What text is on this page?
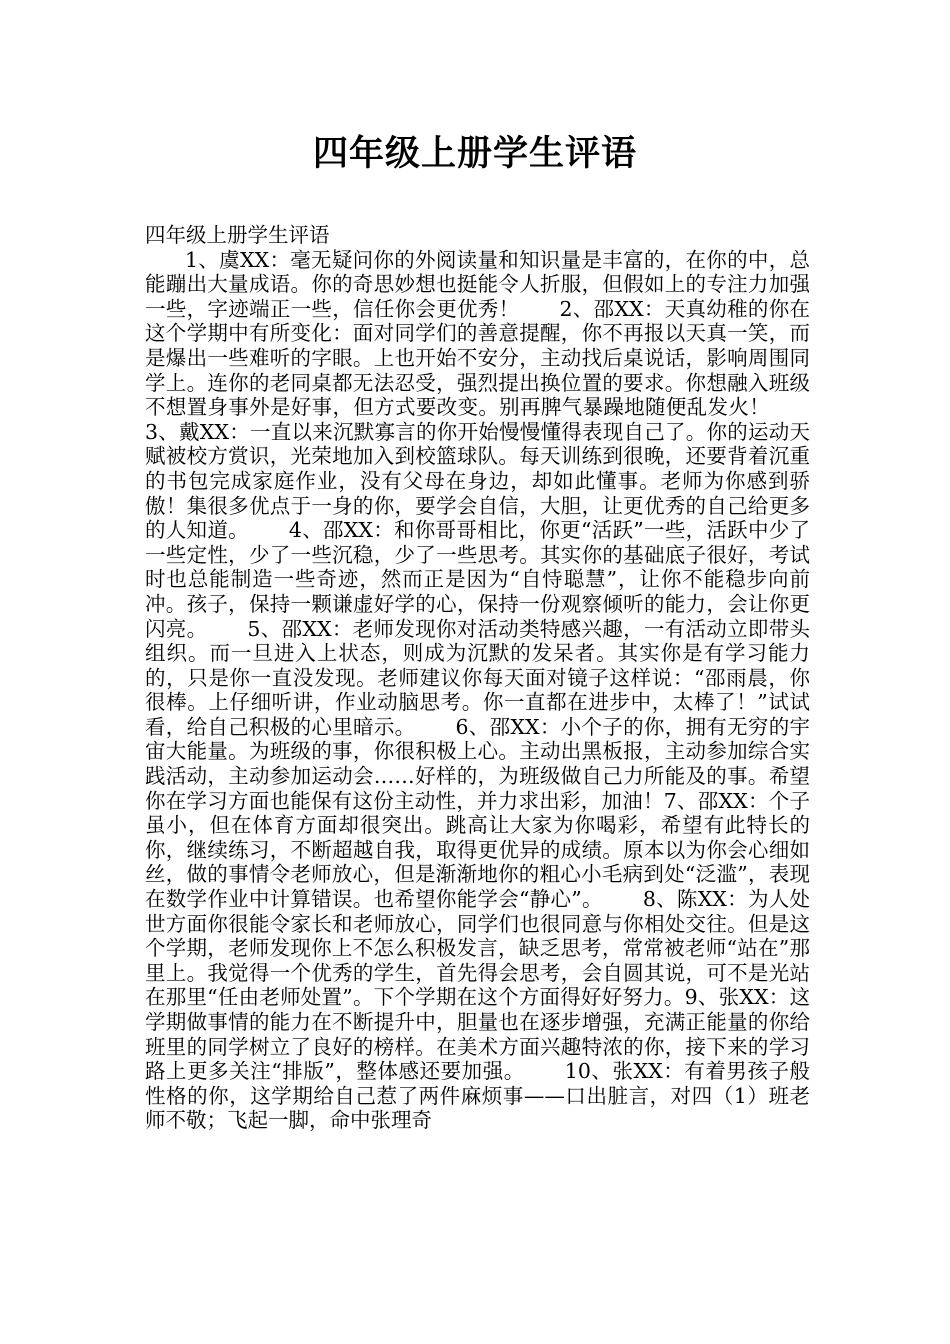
四年级上册学生评语
四年级上册学生评语
1、虞XX：毫无疑问你的外阅读量和知识量是丰富的，在你的中，总能蹦出大量成语。你的奇思妙想也挺能令人折服，但假如上的专注力加强一些，字迹端正一些，信任你会更优秀！ 2、邵XX：天真幼稚的你在这个学期中有所变化：面对同学们的善意提醒，你不再报以天真一笑，而是爆出一些难听的字眼。上也开始不安分，主动找后桌说话，影响周围同学上。连你的老同桌都无法忍受，强烈提出换位置的要求。你想融入班级不想置身事外是好事，但方式要改变。别再脾气暴躁地随便乱发火！3、戴XX：一直以来沉默寡言的你开始慢慢懂得表现自己了。你的运动天赋被校方赏识，光荣地加入到校篮球队。每天训练到很晚，还要背着沉重的书包完成家庭作业，没有父母在身边，却如此懂事。老师为你感到骄傲！集很多优点于一身的你，要学会自信，大胆，让更优秀的自己给更多的人知道。 4、邵XX：和你哥哥相比，你更“活跃”一些，活跃中少了一些定性，少了一些沉稳，少了一些思考。其实你的基础底子很好，考试时也总能制造一些奇迹，然而正是因为“自恃聪慧”，让你不能稳步向前冲。孩子，保持一颗谦虚好学的心，保持一份观察倾听的能力，会让你更闪亮。 5、邵XX：老师发现你对活动类特感兴趣，一有活动立即带头组织。而一旦进入上状态，则成为沉默的发呆者。其实你是有学习能力的，只是你一直没发现。老师建议你每天面对镜子这样说：“邵雨晨，你很棒。上仔细听讲，作业动脑思考。你一直都在进步中，太棒了！”试试看，给自己积极的心里暗示。 6、邵XX：小个子的你，拥有无穷的宇宙大能量。为班级的事，你很积极上心。主动出黑板报，主动参加综合实践活动，主动参加运动会……好样的，为班级做自己力所能及的事。希望你在学习方面也能保有这份主动性，并力求出彩，加油！7、邵XX：个子虽小，但在体育方面却很突出。跳高让大家为你喝彩，希望有此特长的你，继续练习，不断超越自我，取得更优异的成绩。原本以为你会心细如丝，做的事情令老师放心，但是渐渐地你的粗心小毛病到处“泛滥”，表现在数学作业中计算错误。也希望你能学会“静心”。 8、陈XX：为人处世方面你很能令家长和老师放心，同学们也很同意与你相处交往。但是这个学期，老师发现你上不怎么积极发言，缺乏思考，常常被老师“站在”那里上。我觉得一个优秀的学生，首先得会思考，会自圆其说，可不是光站在那里“任由老师处置”。下个学期在这个方面得好好努力。9、张XX：这学期做事情的能力在不断提升中，胆量也在逐步增强，充满正能量的你给班里的同学树立了良好的榜样。在美术方面兴趣特浓的你，接下来的学习路上更多关注“排版”，整体感还要加强。 10、张XX：有着男孩子般性格的你，这学期给自己惹了两件麻烦事——口出脏言，对四（1）班老师不敬；飞起一脚，命中张理奇
